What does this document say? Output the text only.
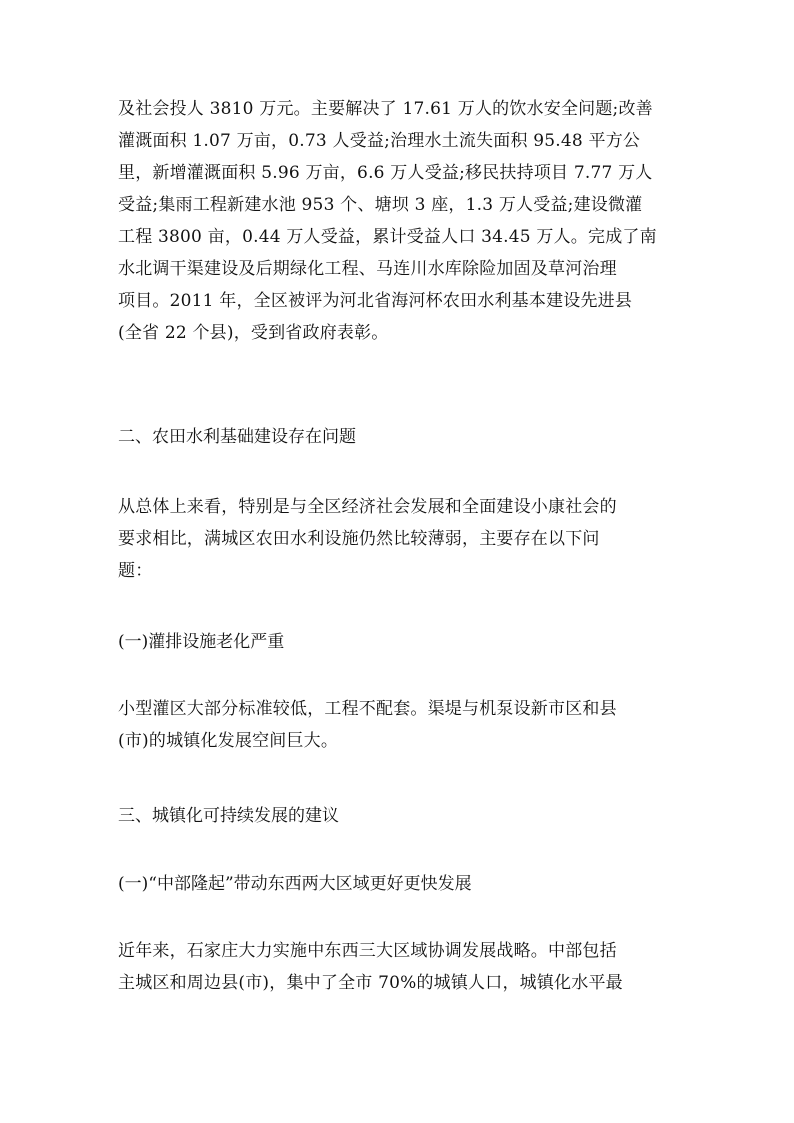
及社会投人 3810 万元。主要解决了 17.61 万人的饮水安全问题;改善
灌溉面积 1.07 万亩，0.73 人受益;治理水土流失面积 95.48 平方公
里，新增灌溉面积 5.96 万亩，6.6 万人受益;移民扶持项目 7.77 万人
受益;集雨工程新建水池 953 个、塘坝 3 座，1.3 万人受益;建设微灌
工程 3800 亩，0.44 万人受益，累计受益人口 34.45 万人。完成了南
水北调干渠建设及后期绿化工程、马连川水库除险加固及草河治理
项目。2011 年，全区被评为河北省海河杯农田水利基本建设先进县
(全省 22 个县)，受到省政府表彰。
二、农田水利基础建设存在问题
从总体上来看，特别是与全区经济社会发展和全面建设小康社会的
要求相比，满城区农田水利设施仍然比较薄弱，主要存在以下问
题：
(一)灌排设施老化严重
小型灌区大部分标准较低，工程不配套。渠堤与机泵设新市区和县
(市)的城镇化发展空间巨大。
三、城镇化可持续发展的建议
(一)“中部隆起”带动东西两大区域更好更快发展
近年来，石家庄大力实施中东西三大区域协调发展战略。中部包括
主城区和周边县(市)，集中了全市 70%的城镇人口，城镇化水平最
